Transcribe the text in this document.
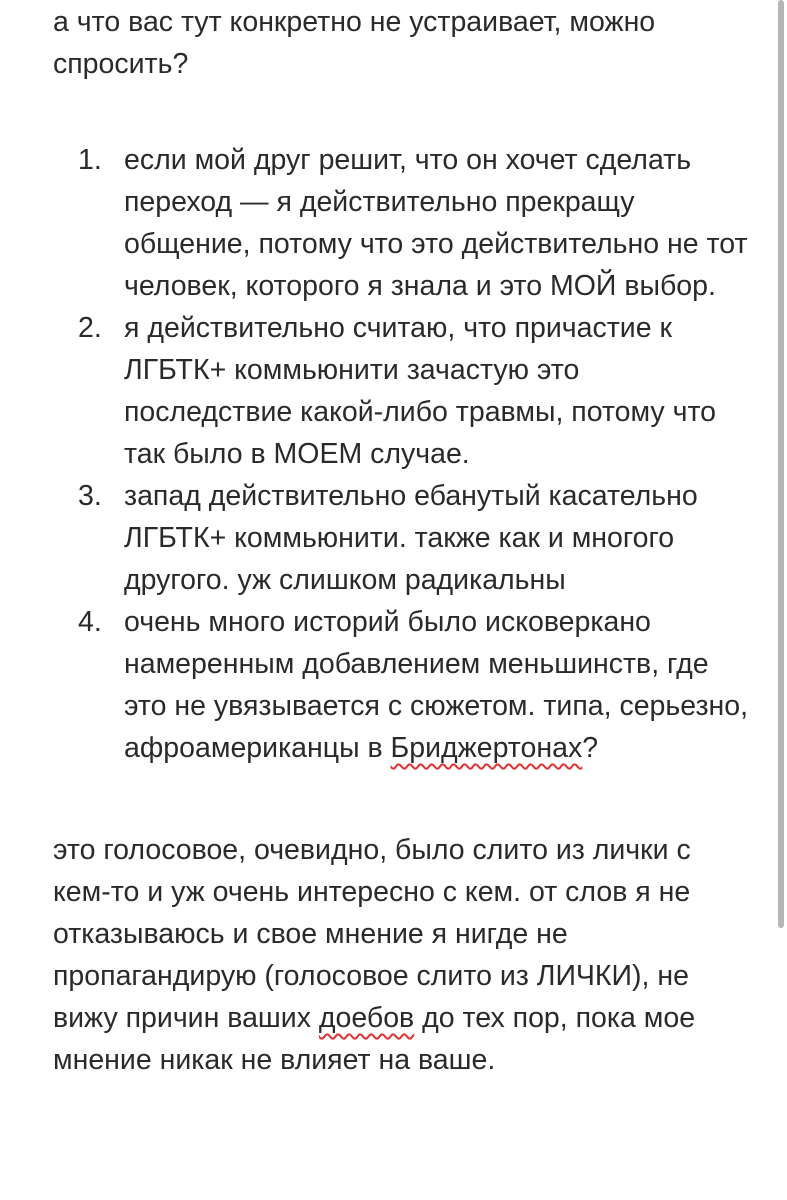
а что вас тут конкретно не устраивает, можно спросить?

1. если мой друг решит, что он хочет сделать переход — я действительно прекращу общение, потому что это действительно не тот человек, которого я знала и это МОЙ выбор.
2. я действительно считаю, что причастие к ЛГБТК+ коммьюнити зачастую это последствие какой-либо травмы, потому что так было в МОЕМ случае.
3. запад действительно ебанутый касательно ЛГБТК+ коммьюнити. также как и многого другого. уж слишком радикальны
4. очень много историй было исковеркано намеренным добавлением меньшинств, где это не увязывается с сюжетом. типа, серьезно, афроамериканцы в Бриджертонах?

это голосовое, очевидно, было слито из лички с кем-то и уж очень интересно с кем. от слов я не отказываюсь и свое мнение я нигде не пропагандирую (голосовое слито из ЛИЧКИ), не вижу причин ваших доебов до тех пор, пока мое мнение никак не влияет на ваше.
